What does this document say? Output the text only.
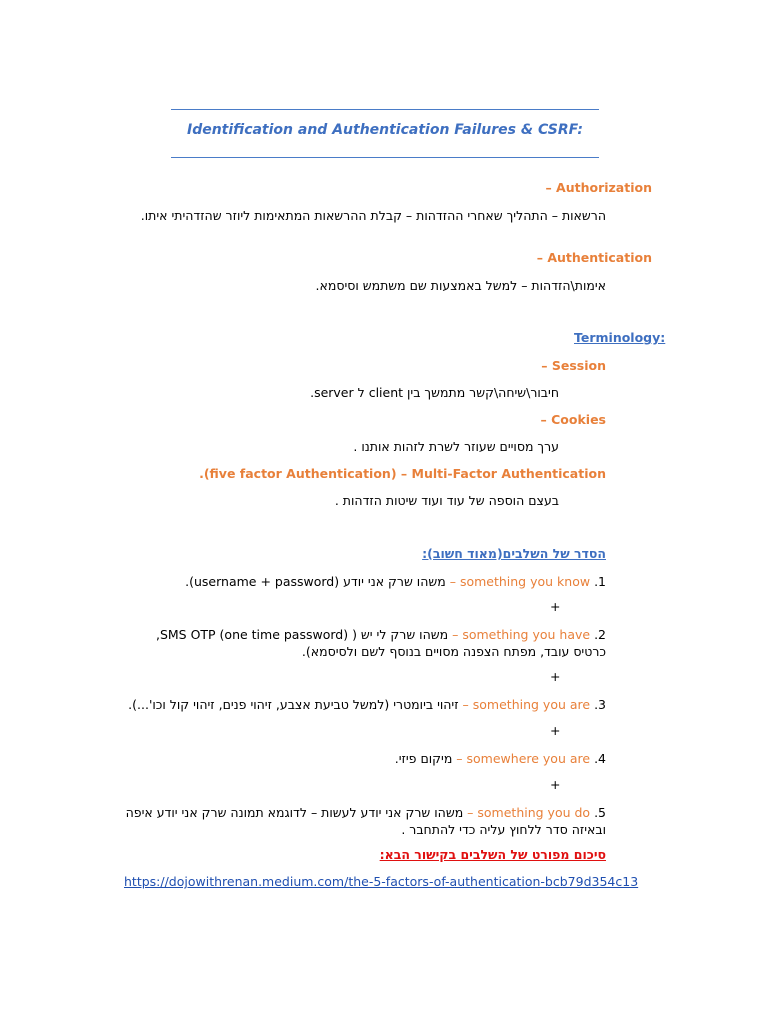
Identification and Authentication Failures & CSRF:
Authorization –
הרשאות – התהליך שאחרי ההזדהות – קבלת ההרשאות המתאימות ליוזר שהזדהיתי איתו.
Authentication –
אימות\הזדהות – למשל באמצעות שם משתמש וסיסמא.
Terminology:
Session –
חיבור\שיחה\קשר מתמשך בין client ל server.
Cookies –
ערך מסויים שעוזר לשרת לזהות אותנו .
Multi-Factor Authentication – (five factor Authentication).
בעצם הוספה של עוד ועוד שיטות הזדהות .
הסדר של השלבים(מאוד חשוב):
1. something you know – משהו שרק אני יודע (username + password).
+
2. something you have – משהו שרק לי יש ( SMS OTP (one time password), כרטיס עובד, מפתח הצפנה מסויים בנוסף לשם ולסיסמא).
+
3. something you are – זיהוי ביומטרי (למשל טביעת אצבע, זיהוי פנים, זיהוי קול וכו'...).
+
4. somewhere you are – מיקום פיזי.
+
5. something you do – משהו שרק אני יודע לעשות – לדוגמא תמונה שרק אני יודע איפה ובאיזה סדר ללחוץ עליה כדי להתחבר .
סיכום מפורט של השלבים בקישור הבא:
https://dojowithrenan.medium.com/the-5-factors-of-authentication-bcb79d354c13
